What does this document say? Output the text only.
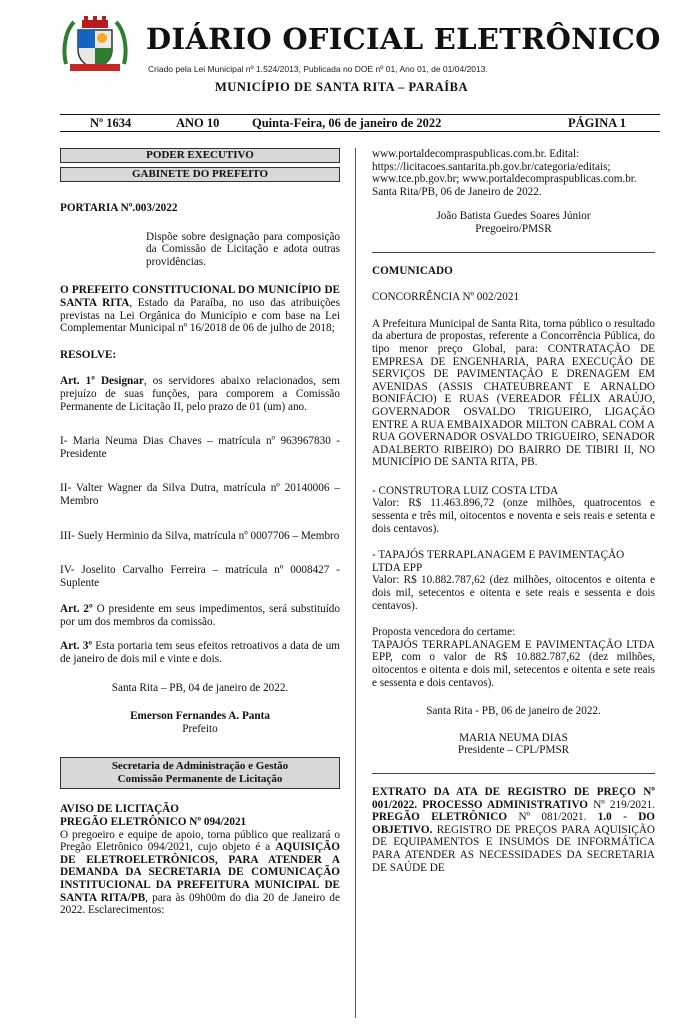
DIÁRIO OFICIAL ELETRÔNICO
Criado pela Lei Municipal nº 1.524/2013, Publicada no DOE nº 01, Ano 01, de 01/04/2013.
MUNICÍPIO DE SANTA RITA – PARAÍBA
Nº 1634	ANO 10	Quinta-Feira, 06 de janeiro de 2022	PÁGINA 1
PODER EXECUTIVO
GABINETE DO PREFEITO

PORTARIA Nº.003/2022

Dispõe sobre designação para composição da Comissão de Licitação e adota outras providências.

O PREFEITO CONSTITUCIONAL DO MUNICÍPIO DE SANTA RITA, Estado da Paraíba, no uso das atribuições previstas na Lei Orgânica do Município e com base na Lei Complementar Municipal nº 16/2018 de 06 de julho de 2018;

RESOLVE:

Art. 1º Designar, os servidores abaixo relacionados, sem prejuízo de suas funções, para comporem a Comissão Permanente de Licitação II, pelo prazo de 01 (um) ano.

I- Maria Neuma Dias Chaves – matrícula nº 963967830 - Presidente

II- Valter Wagner da Silva Dutra, matrícula nº 20140006 – Membro

III- Suely Herminio da Silva, matrícula nº 0007706 – Membro

IV- Joselito Carvalho Ferreira – matrícula nº 0008427 - Suplente

Art. 2º O presidente em seus impedimentos, será substituído por um dos membros da comissão.

Art. 3º Esta portaria tem seus efeitos retroativos a data de um de janeiro de dois mil e vinte e dois.

Santa Rita – PB, 04 de janeiro de 2022.

Emerson Fernandes A. Panta

Prefeito

Secretaria de Administração e Gestão
Comissão Permanente de Licitação

AVISO DE LICITAÇÃO

PREGÃO ELETRÔNICO Nº 094/2021

O pregoeiro e equipe de apoio, torna público que realizará o Pregão Eletrônico 094/2021, cujo objeto é a AQUISIÇÃO DE ELETROELETRÔNICOS, PARA ATENDER A DEMANDA DA SECRETARIA DE COMUNICAÇÃO INSTITUCIONAL DA PREFEITURA MUNICIPAL DE SANTA RITA/PB, para às 09h00m do dia 20 de Janeiro de 2022. Esclarecimentos:

www.portaldecompraspublicas.com.br. Edital: https://licitacoes.santarita.pb.gov.br/categoria/editais; www.tce.pb.gov.br; www.portaldecompraspublicas.com.br.

Santa Rita/PB, 06 de Janeiro de 2022.

João Batista Guedes Soares Júnior

Pregoeiro/PMSR

COMUNICADO

CONCORRÊNCIA Nº 002/2021

A Prefeitura Municipal de Santa Rita, torna público o resultado da abertura de propostas, referente a Concorrência Pública, do tipo menor preço Global, para: CONTRATAÇÃO DE EMPRESA DE ENGENHARIA, PARA EXECUÇÃO DE SERVIÇOS DE PAVIMENTAÇÃO E DRENAGEM EM AVENIDAS (ASSIS CHATEUBREANT E ARNALDO BONIFÁCIO) E RUAS (VEREADOR FÉLIX ARAÚJO, GOVERNADOR OSVALDO TRIGUEIRO, LIGAÇÃO ENTRE A RUA EMBAIXADOR MILTON CABRAL COM A RUA GOVERNADOR OSVALDO TRIGUEIRO, SENADOR ADALBERTO RIBEIRO) DO BAIRRO DE TIBIRI II, NO MUNICÍPIO DE SANTA RITA, PB.

- CONSTRUTORA LUIZ COSTA LTDA

Valor: R$ 11.463.896,72 (onze milhões, quatrocentos e sessenta e três mil, oitocentos e noventa e seis reais e setenta e dois centavos).

- TAPAJÓS TERRAPLANAGEM E PAVIMENTAÇÃO LTDA EPP

Valor: R$ 10.882.787,62 (dez milhões, oitocentos e oitenta e dois mil, setecentos e oitenta e sete reais e sessenta e dois centavos).

Proposta vencedora do certame:

TAPAJÓS TERRAPLANAGEM E PAVIMENTAÇÃO LTDA EPP, com o valor de R$ 10.882.787,62 (dez milhões, oitocentos e oitenta e dois mil, setecentos e oitenta e sete reais e sessenta e dois centavos).

Santa Rita - PB, 06 de janeiro de 2022.

MARIA NEUMA DIAS

Presidente – CPL/PMSR

EXTRATO DA ATA DE REGISTRO DE PREÇO Nº 001/2022. PROCESSO ADMINISTRATIVO Nº 219/2021. PREGÃO ELETRÔNICO Nº 081/2021. 1.0 - DO OBJETIVO. REGISTRO DE PREÇOS PARA AQUISIÇÃO DE EQUIPAMENTOS E INSUMOS DE INFORMÁTICA PARA ATENDER AS NECESSIDADES DA SECRETARIA DE SAÚDE DE
